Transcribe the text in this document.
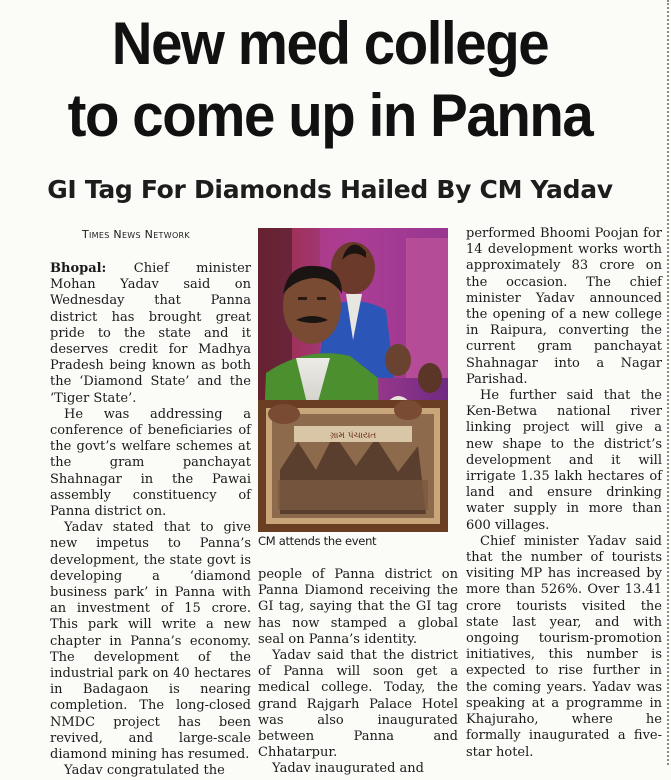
New med college
to come up in Panna
GI Tag For Diamonds Hailed By CM Yadav
Times News Network

Bhopal: Chief minister Mohan Yadav said on Wednesday that Panna district has brought great pride to the state and it deserves credit for Madhya Pradesh being known as both the ‘Diamond State’ and the ‘Tiger State’.

He was addressing a conference of beneficiaries of the govt’s welfare schemes at the gram panchayat Shahnagar in the Pawai assembly constituency of Panna district on.

Yadav stated that to give new impetus to Panna’s development, the state govt is developing a ‘diamond business park’ in Panna with an investment of 15 crore. This park will write a new chapter in Panna’s economy. The development of the industrial park on 40 hectares in Badagaon is nearing completion. The long-closed NMDC project has been revived, and large-scale diamond mining has resumed.

Yadav congratulated the

ગ્રામ પંચાયત
CM attends the event

people of Panna district on Panna Diamond receiving the GI tag, saying that the GI tag has now stamped a global seal on Panna’s identity.

Yadav said that the district of Panna will soon get a medical college. Today, the grand Rajgarh Palace Hotel was also inaugurated between Panna and Chhatarpur.

Yadav inaugurated and

performed Bhoomi Poojan for 14 development works worth approximately 83 crore on the occasion. The chief minister Yadav announced the opening of a new college in Raipura, converting the current gram panchayat Shahnagar into a Nagar Parishad.

He further said that the Ken-Betwa national river linking project will give a new shape to the district’s development and it will irrigate 1.35 lakh hectares of land and ensure drinking water supply in more than 600 villages.

Chief minister Yadav said that the number of tourists visiting MP has increased by more than 526%. Over 13.41 crore tourists visited the state last year, and with ongoing tourism-promotion initiatives, this number is expected to rise further in the coming years. Yadav was speaking at a programme in Khajuraho, where he formally inaugurated a five-star hotel.
